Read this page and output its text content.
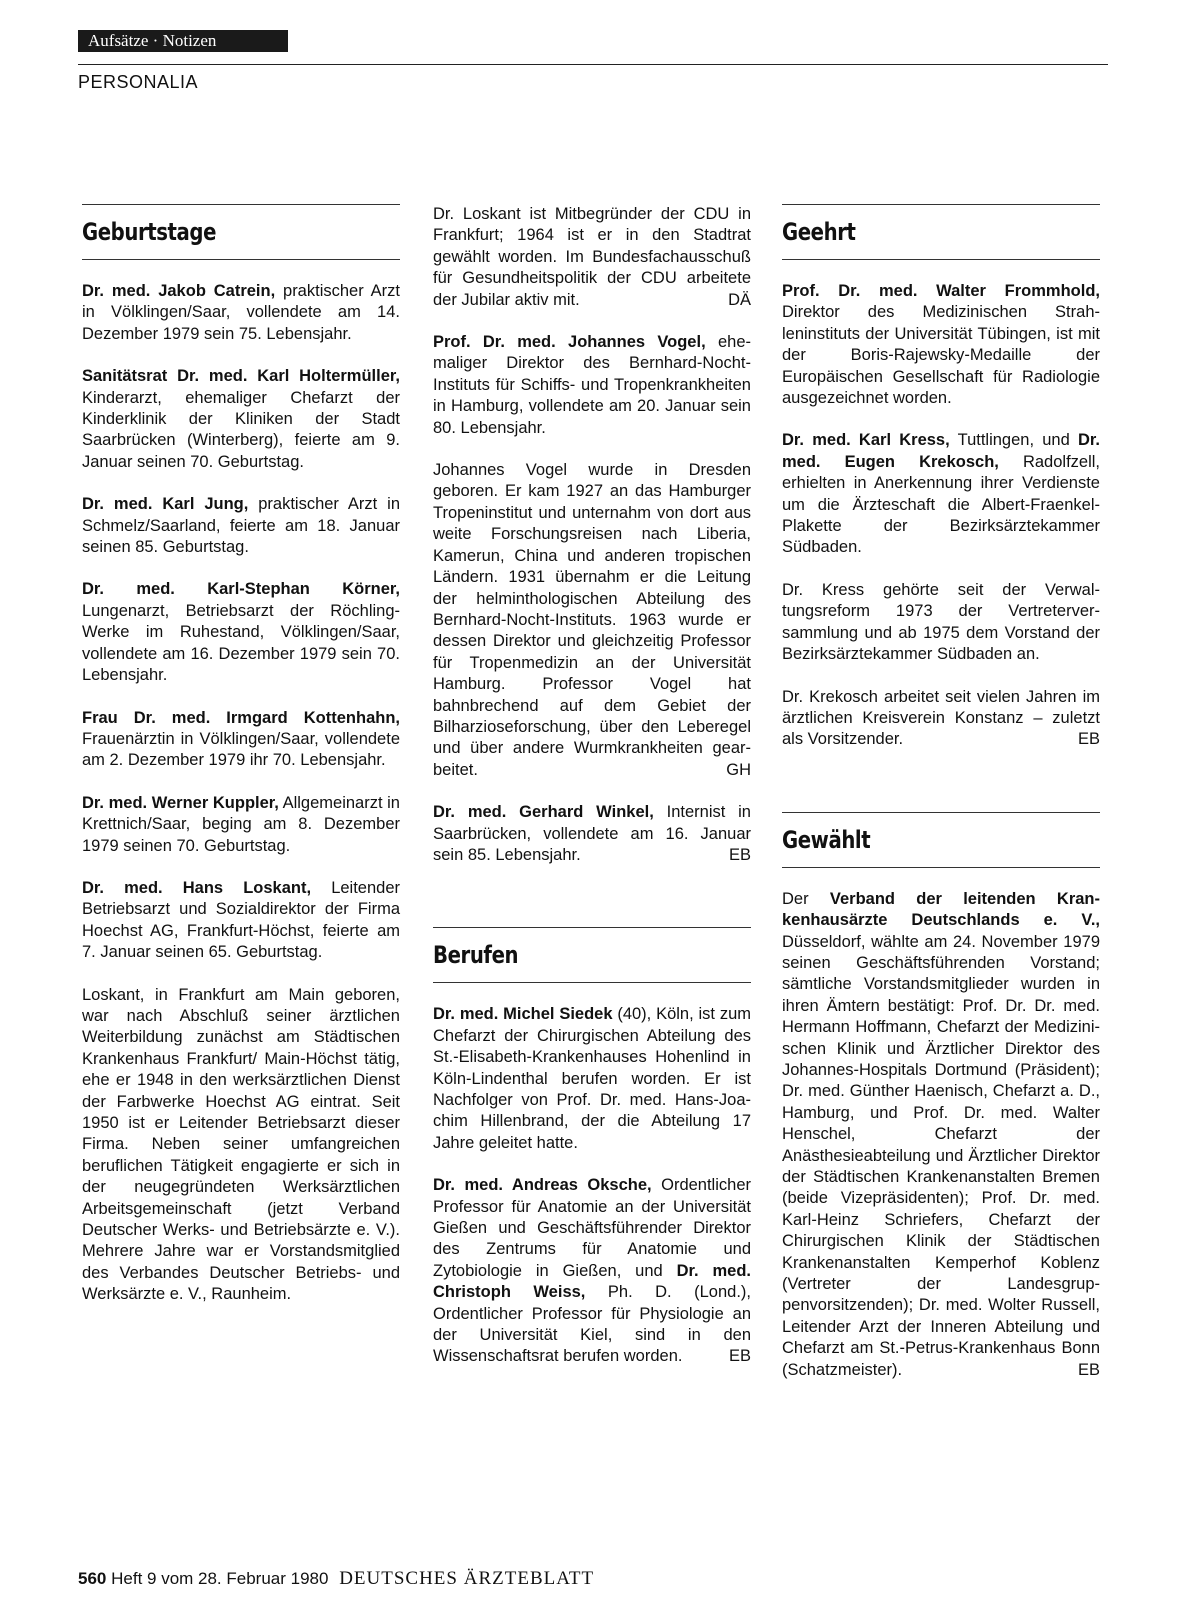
Aufsätze · Notizen
PERSONALIA
Geburtstage

Dr. med. Jakob Catrein, praktischer Arzt in Völklingen/Saar, vollendete am 14. Dezember 1979 sein 75. Lebensjahr.

Sanitätsrat Dr. med. Karl Holtermüller, Kinderarzt, ehemaliger Chefarzt der Kinderklinik der Kliniken der Stadt Saarbrücken (Winterberg), feierte am 9. Januar seinen 70. Geburtstag.

Dr. med. Karl Jung, praktischer Arzt in Schmelz/Saarland, feierte am 18. Januar seinen 85. Geburtstag.

Dr. med. Karl-Stephan Körner, Lungenarzt, Betriebsarzt der Röchling-Werke im Ruhestand, Völklingen/Saar, vollendete am 16. Dezember 1979 sein 70. Lebensjahr.

Frau Dr. med. Irmgard Kottenhahn, Frauenärztin in Völklingen/Saar, vollendete am 2. Dezember 1979 ihr 70. Lebensjahr.

Dr. med. Werner Kuppler, Allgemeinarzt in Krettnich/Saar, beging am 8. Dezember 1979 seinen 70. Geburtstag.

Dr. med. Hans Loskant, Leitender Betriebsarzt und Sozialdirektor der Firma Hoechst AG, Frankfurt-Höchst, feierte am 7. Januar seinen 65. Geburtstag.

Loskant, in Frankfurt am Main geboren, war nach Abschluß seiner ärztlichen Weiterbildung zunächst am Städtischen Krankenhaus Frankfurt/ Main-Höchst tätig, ehe er 1948 in den werksärztlichen Dienst der Farbwerke Hoechst AG eintrat. Seit 1950 ist er Leitender Betriebsarzt dieser Firma. Neben seiner umfangreichen beruflichen Tätigkeit engagierte er sich in der neugegründeten Werksärztlichen Arbeitsgemeinschaft (jetzt Verband Deutscher Werks- und Betriebsärzte e. V.). Mehrere Jahre war er Vorstandsmitglied des Verbandes Deutscher Betriebs- und Werksärzte e. V., Raunheim.

Dr. Loskant ist Mitbegründer der CDU in Frankfurt; 1964 ist er in den Stadtrat gewählt worden. Im Bundesfachausschuß für Gesundheitspolitik der CDU arbeitete der Jubilar aktiv mit.	DÄ

Prof. Dr. med. Johannes Vogel, ehemaliger Direktor des Bernhard-Nocht-Instituts für Schiffs- und Tropenkrankheiten in Hamburg, vollendete am 20. Januar sein 80. Lebensjahr.

Johannes Vogel wurde in Dresden geboren. Er kam 1927 an das Hamburger Tropeninstitut und unternahm von dort aus weite Forschungsreisen nach Liberia, Kamerun, China und anderen tropischen Ländern. 1931 übernahm er die Leitung der helminthologischen Abteilung des Bernhard-Nocht-Instituts. 1963 wurde er dessen Direktor und gleichzeitig Professor für Tropenmedizin an der Universität Hamburg. Professor Vogel hat bahnbrechend auf dem Gebiet der Bilharzioseforschung, über den Leberegel und über andere Wurmkrankheiten gearbeitet.	GH

Dr. med. Gerhard Winkel, Internist in Saarbrücken, vollendete am 16. Januar sein 85. Lebensjahr.	EB

Berufen

Dr. med. Michel Siedek (40), Köln, ist zum Chefarzt der Chirurgischen Abteilung des St.-Elisabeth-Krankenhauses Hohenlind in Köln-Lindenthal berufen worden. Er ist Nachfolger von Prof. Dr. med. Hans-Joachim Hillenbrand, der die Abteilung 17 Jahre geleitet hatte.

Dr. med. Andreas Oksche, Ordentlicher Professor für Anatomie an der Universität Gießen und Geschäftsführender Direktor des Zentrums für Anatomie und Zytobiologie in Gießen, und Dr. med. Christoph Weiss, Ph. D. (Lond.), Ordentlicher Professor für Physiologie an der Universität Kiel, sind in den Wissenschaftsrat berufen worden.	EB

Geehrt

Prof. Dr. med. Walter Frommhold, Direktor des Medizinischen Strahleninstituts der Universität Tübingen, ist mit der Boris-Rajewsky-Medaille der Europäischen Gesellschaft für Radiologie ausgezeichnet worden.

Dr. med. Karl Kress, Tuttlingen, und Dr. med. Eugen Krekosch, Radolfzell, erhielten in Anerkennung ihrer Verdienste um die Ärzteschaft die Albert-Fraenkel-Plakette der Bezirksärztekammer Südbaden.

Dr. Kress gehörte seit der Verwaltungsreform 1973 der Vertreterversammlung und ab 1975 dem Vorstand der Bezirksärztekammer Südbaden an.

Dr. Krekosch arbeitet seit vielen Jahren im ärztlichen Kreisverein Konstanz – zuletzt als Vorsitzender.	EB

Gewählt

Der Verband der leitenden Krankenhausärzte Deutschlands e. V., Düsseldorf, wählte am 24. November 1979 seinen Geschäftsführenden Vorstand; sämtliche Vorstandsmitglieder wurden in ihren Ämtern bestätigt: Prof. Dr. Dr. med. Hermann Hoffmann, Chefarzt der Medizinischen Klinik und Ärztlicher Direktor des Johannes-Hospitals Dortmund (Präsident); Dr. med. Günther Haenisch, Chefarzt a. D., Hamburg, und Prof. Dr. med. Walter Henschel, Chefarzt der Anästhesieabteilung und Ärztlicher Direktor der Städtischen Krankenanstalten Bremen (beide Vizepräsidenten); Prof. Dr. med. Karl-Heinz Schriefers, Chefarzt der Chirurgischen Klinik der Städtischen Krankenanstalten Kemperhof Koblenz (Vertreter der Landesgruppenvorsitzenden); Dr. med. Wolter Russell, Leitender Arzt der Inneren Abteilung und Chefarzt am St.-Petrus-Krankenhaus Bonn (Schatzmeister).	EB

560 Heft 9 vom 28. Februar 1980 DEUTSCHES ÄRZTEBLATT
